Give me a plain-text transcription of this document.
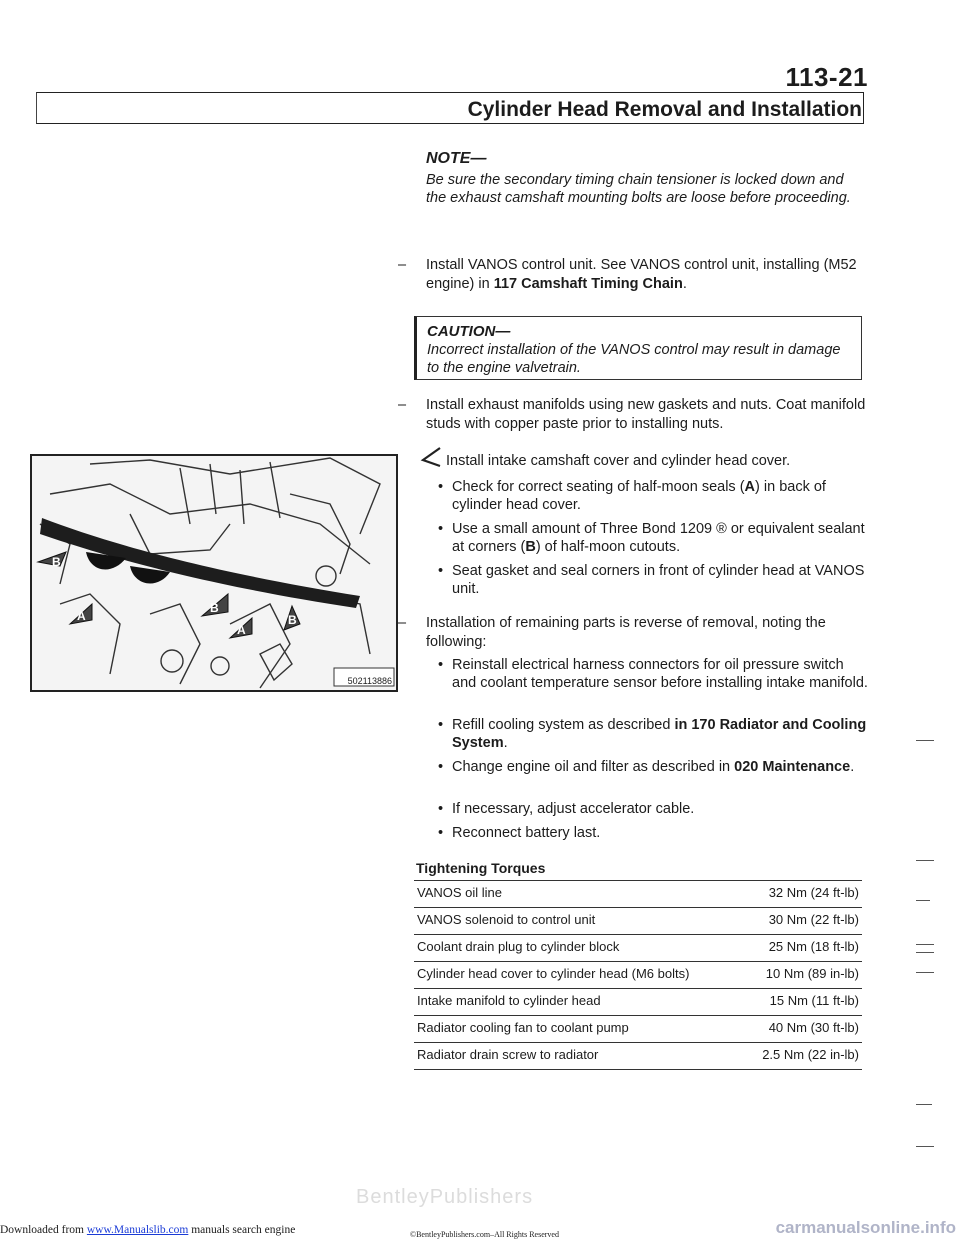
113-21
Cylinder Head Removal and Installation
NOTE—
Be sure the secondary timing chain tensioner is locked down and the exhaust camshaft mounting bolts are loose before proceeding.
– Install VANOS control unit. See VANOS control unit, installing (M52 engine) in 117 Camshaft Timing Chain.
CAUTION—
Incorrect installation of the VANOS control may result in damage to the engine valvetrain.
– Install exhaust manifolds using new gaskets and nuts. Coat manifold studs with copper paste prior to installing nuts.
Install intake camshaft cover and cylinder head cover.
• Check for correct seating of half-moon seals (A) in back of cylinder head cover.
• Use a small amount of Three Bond 1209 ® or equivalent sealant at corners (B) of half-moon cutouts.
• Seat gasket and seal corners in front of cylinder head at VANOS unit.
– Installation of remaining parts is reverse of removal, noting the following:
• Reinstall electrical harness connectors for oil pressure switch and coolant temperature sensor before installing intake manifold.
• Refill cooling system as described in 170 Radiator and Cooling System.
• Change engine oil and filter as described in 020 Maintenance.
• If necessary, adjust accelerator cable.
• Reconnect battery last.
B
A
B
A
B
502113886
Tightening Torques
VANOS oil line	32 Nm (24 ft-lb)
VANOS solenoid to control unit	30 Nm (22 ft-lb)
Coolant drain plug to cylinder block	25 Nm (18 ft-lb)
Cylinder head cover to cylinder head (M6 bolts)	10 Nm (89 in-lb)
Intake manifold to cylinder head	15 Nm (11 ft-lb)
Radiator cooling fan to coolant pump	40 Nm (30 ft-lb)
Radiator drain screw to radiator	2.5 Nm (22 in-lb)
BentleyPublishers
Downloaded from www.Manualslib.com manuals search engine	©BentleyPublishers.com–All Rights Reserved	carmanualsonline.info
